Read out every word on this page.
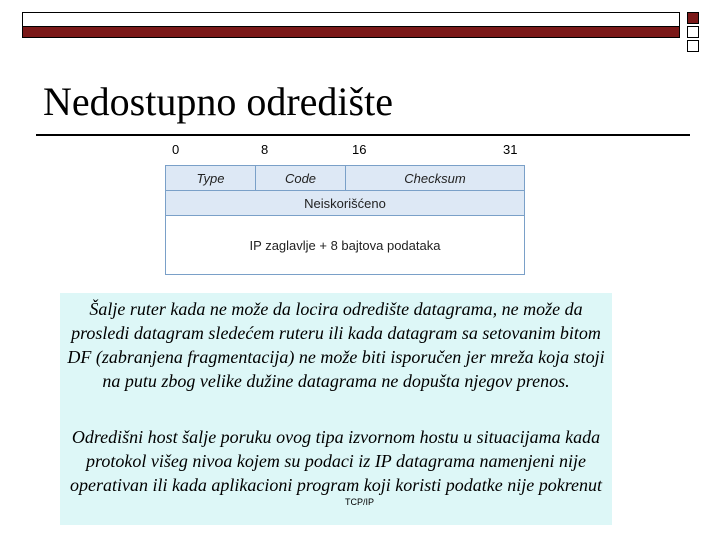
Nedostupno odredište
0	8	16	31
Type	Code	Checksum
Neiskorišćeno
IP zaglavlje + 8 bajtova podataka

Šalje ruter kada ne može da locira odredište datagrama, ne može da prosledi datagram sledećem ruteru ili kada datagram sa setovanim bitom DF (zabranjena fragmentacija) ne može biti isporučen jer mreža koja stoji na putu zbog velike dužine datagrama ne dopušta njegov prenos.

Odredišni host šalje poruku ovog tipa izvornom hostu u situacijama kada protokol višeg nivoa kojem su podaci iz IP datagrama namenjeni nije operativan ili kada aplikacioni program koji koristi podatke nije pokrenut

TCP/IP
